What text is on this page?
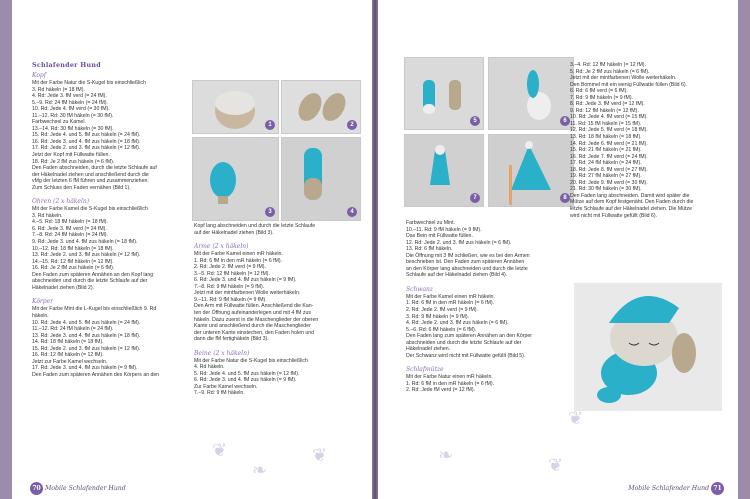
Schlafender Hund

Kopf

Mit der Farbe Natur die S-Kugel bis einschließlich

3. Rd häkeln (= 18 fM).

4. Rd: Jede 3. fM verd (= 24 fM).

5.–9. Rd: 24 fM häkeln (= 24 fM).

10. Rd: Jede 4. fM verd (= 30 fM).

11.–12. Rd: 30 fM häkeln (= 30 fM).

Farbwechsel zu Kamel.

13.–14. Rd: 30 fM häkeln (= 30 fM).

15. Rd: Jede 4. und 5. fM zus häkeln (= 24 fM).

16. Rd: Jede 3. und 4. fM zus häkeln (= 18 fM).

17. Rd: Jede 2. und 3. fM zus häkeln (= 12 fM).

Jetzt der Kopf mit Füllwatte füllen.

18. Rd: Je 2 fM zus häkeln (= 6 fM).

Den Faden abschneiden, durch die letzte Schlaufe auf

der Häkelnadel ziehen und anschließend durch die

vMg der letzten 6 fM führen und zusammenziehen.

Zum Schluss den Faden vernähen (Bild 1).

Ohren (2 x häkeln)

Mit der Farbe Kamel die S-Kugel bis einschließlich

3. Rd häkeln.

4.–5. Rd: 18 fM häkeln (= 18 fM).

6. Rd: Jede 3. fM verd (= 24 fM).

7.–8. Rd: 24 fM häkeln (= 24 fM).

9. Rd: Jede 3. und 4. fM zus häkeln (= 18 fM).

10.–12. Rd: 18 fM häkeln (= 18 fM).

13. Rd: Jede 2. und 3. fM zus häkeln (= 12 fM).

14.–15. Rd: 12 fM häkeln (= 12 fM).

16. Rd: Je 2 fM zus häkeln (= 6 fM).

Den Faden zum späteren Annähen an den Kopf lang

abschneiden und durch die letzte Schlaufe auf der

Häkelnadel ziehen (Bild 2).

Körper

Mit der Farbe Mint die L-Kugel bis einschließlich 9. Rd

häkeln.

10. Rd: Jede 4. und 5. fM zus häkeln (= 24 fM).

11.–12. Rd: 24 fM häkeln (= 24 fM).

13. Rd: Jede 3. und 4. fM zus häkeln (= 18 fM).

14. Rd: 18 fM häkeln (= 18 fM).

15. Rd: Jede 2. und 3. fM zus häkeln (= 12 fM).

16. Rd: 12 fM häkeln (= 12 fM).

Jetzt zur Farbe Kamel wechseln.

17. Rd: Jede 3. und 4. fM zus häkeln (= 9 fM).

Den Faden zum späteren Annähen des Körpers an den

Kopf lang abschneiden und durch die letzte Schlaufe

auf der Häkelnadel ziehen (Bild 3).

Arme (2 x häkeln)

Mit der Farbe Kamel einen mR häkeln.

1. Rd: 6 fM in den mR häkeln (= 6 fM).

2. Rd: Jede 2. fM verd (= 9 fM).

3.–5. Rd: 12 fM häkeln (= 12 fM).

6. Rd: Jede 3. und 4. fM zus häkeln (= 9 fM).

7.–8. Rd: 9 fM häkeln (= 9 fM).

Jetzt mit der mintfarbenen Wolle weiterhäkeln.

9.–11. Rd: 9 fM häkeln (= 9 fM).

Den Arm mit Füllwatte füllen. Anschließend die Kan-

ten der Öffnung aufeinanderlegen und mit 4 fM zus

häkeln. Dazu zuerst in die Maschenglieder der oberen

Kante und anschließend durch die Maschenglieder

der unteren Kante einstechen, den Faden holen und

dann die fM fertighäkeln (Bild 3).

Beine (2 x häkeln)

Mit der Farbe Natur die S-Kugel bis einschließlich

4. Rd häkeln.

5. Rd: Jede 4. und 5. fM zus häkeln (= 12 fM).

6. Rd: Jede 3. und 4. fM zus häkeln (= 9 fM).

Zur Farbe Kamel wechseln.

7.–9. Rd: 9 fM häkeln.

1	2
3	4
❦
❧
❦
70 Mobile Schlafender Hund
5	6
7	8

Farbwechsel zu Mint.

10.–11. Rd: 9 fM häkeln (= 9 fM).

Das Bein mit Füllwatte füllen.

12. Rd: Jede 2. und 3. fM zus häkeln (= 6 fM).

13. Rd: 6 fM häkeln.

Die Öffnung mit 3 fM schließen, wie es bei den Armen

beschrieben ist. Den Faden zum späteren Annähen

an den Körper lang abschneiden und durch die letzte

Schlaufe auf der Häkelnadel ziehen (Bild 4).

Schwanz

Mit der Farbe Kamel einen mR häkeln.

1. Rd: 6 fM in den mR häkeln (= 6 fM).

2. Rd: Jede 2. fM verd (= 9 fM).

3. Rd: 9 fM häkeln (= 9 fM).

4. Rd: Jede 2. und 3. fM zus häkeln (= 6 fM).

5.–6. Rd: 6 fM häkeln (= 6 fM).

Den Faden lang zum späteren Annähen an den Körper

abschneiden und durch die letzte Schlaufe auf der

Häkelnadel ziehen.

Der Schwanz wird nicht mit Füllwatte gefüllt (Bild 5).

Schlafmütze

Mit der Farbe Natur einen mR häkeln.

1. Rd: 6 fM in den mR häkeln (= 6 fM).

2. Rd: Jede fM verd (= 12 fM).

3.–4. Rd: 12 fM häkeln (= 12 fM).

5. Rd: Je 2 fM zus häkeln (= 6 fM).

Jetzt mit der mintfarbenen Wolle weiterhäkeln.

Den Bommel mit ein wenig Füllwatte füllen (Bild 6).

6. Rd: 6 fM verd (= 6 fM).

7. Rd: 9 fM häkeln (= 9 fM).

8. Rd: Jede 3. fM verd (= 12 fM).

9. Rd: 12 fM häkeln (= 12 fM).

10. Rd: Jede 4. fM verd (= 15 fM).

11. Rd: 15 fM häkeln (= 15 fM).

12. Rd: Jede 5. fM verd (= 18 fM).

13. Rd: 18 fM häkeln (= 18 fM).

14. Rd: Jede 6. fM verd (= 21 fM).

15. Rd: 21 fM häkeln (= 21 fM).

16. Rd: Jede 7. fM verd (= 24 fM).

17. Rd: 24 fM häkeln (= 24 fM).

18. Rd: Jede 8. fM verd (= 27 fM).

19. Rd: 27 fM häkeln (= 27 fM).

20. Rd: Jede 9. fM verd (= 30 fM).

21. Rd: 30 fM häkeln (= 30 fM).

Den Faden lang abschneiden. Damit wird später die

Mütze auf dem Kopf festgenäht. Den Faden durch die

letzte Schlaufe auf der Häkelnadel ziehen. Die Mütze

wird nicht mit Füllwatte gefüllt (Bild 6).

❦
❧	❦
Mobile Schlafender Hund 71
